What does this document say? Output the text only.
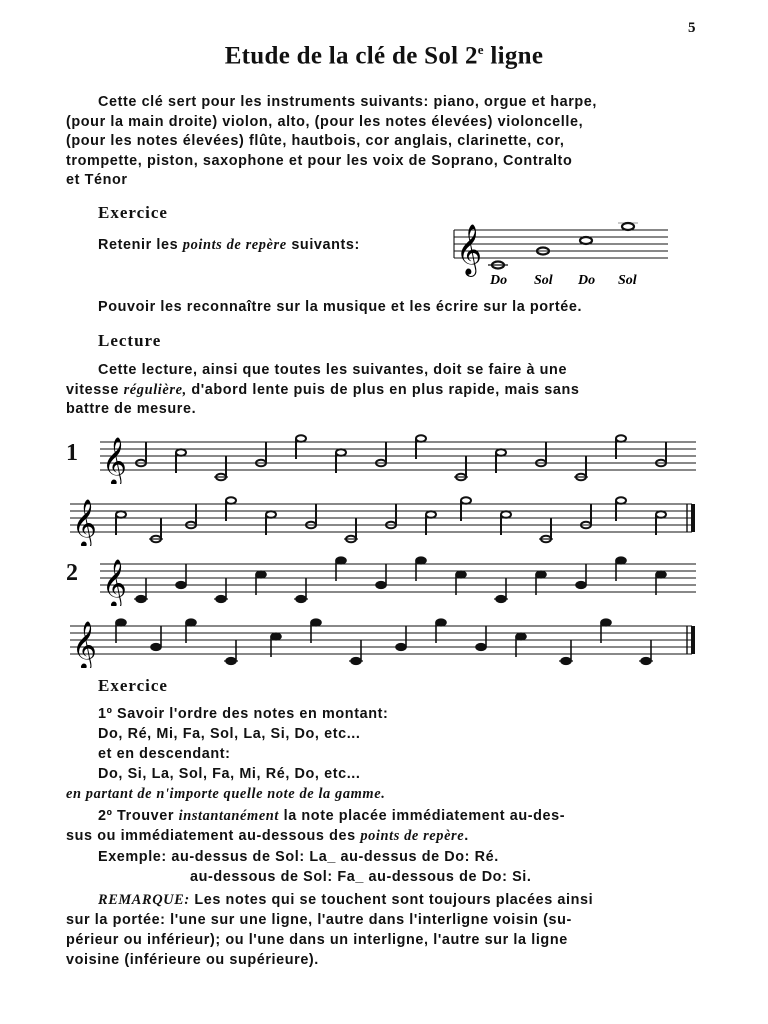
5
Etude de la clé de Sol 2e ligne
Cette clé sert pour les instruments suivants: piano, orgue et harpe,
(pour la main droite) violon, alto, (pour les notes élevées) violoncelle,
(pour les notes élevées) flûte, hautbois, cor anglais, clarinette, cor,
trompette, piston, saxophone et pour les voix de Soprano, Contralto
et Ténor
Exercice
Retenir les points de repère suivants: 𝄞
Do Sol Do Sol
Pouvoir les reconnaître sur la musique et les écrire sur la portée.
Lecture
Cette lecture, ainsi que toutes les suivantes, doit se faire à une
vitesse régulière, d'abord lente puis de plus en plus rapide, mais sans
battre de mesure.
1 𝄞
𝄞
2 𝄞
𝄞
Exercice
1º Savoir l'ordre des notes en montant:
Do, Ré, Mi, Fa, Sol, La, Si, Do, etc...
et en descendant:
Do, Si, La, Sol, Fa, Mi, Ré, Do, etc...
en partant de n'importe quelle note de la gamme.
2º Trouver instantanément la note placée immédiatement au-des-
sus ou immédiatement au-dessous des points de repère.
Exemple: au-dessus de Sol: La_ au-dessus de Do: Ré.
au-dessous de Sol: Fa_ au-dessous de Do: Si.
REMARQUE: Les notes qui se touchent sont toujours placées ainsi
sur la portée: l'une sur une ligne, l'autre dans l'interligne voisin (su-
périeur ou inférieur); ou l'une dans un interligne, l'autre sur la ligne
voisine (inférieure ou supérieure).
